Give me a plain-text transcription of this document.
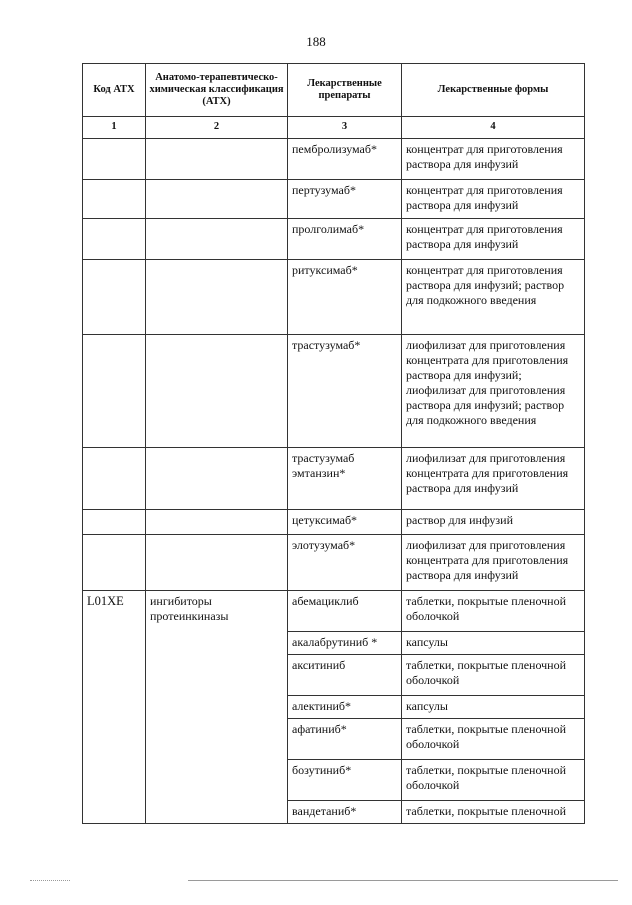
188
Код АТХ	Анатомо-терапевтическо-химическая классификация (АТХ)	Лекарственные препараты	Лекарственные формы
1	2	3	4
		пембролизумаб*	концентрат для приготовления раствора для инфузий
		пертузумаб*	концентрат для приготовления раствора для инфузий
		пролголимаб*	концентрат для приготовления раствора для инфузий
		ритуксимаб*	концентрат для приготовления раствора для инфузий; раствор для подкожного введения
		трастузумаб*	лиофилизат для приготовления концентрата для приготовления раствора для инфузий; лиофилизат для приготовления раствора для инфузий; раствор для подкожного введения
		трастузумаб эмтанзин*	лиофилизат для приготовления концентрата для приготовления раствора для инфузий
		цетуксимаб*	раствор для инфузий
		элотузумаб*	лиофилизат для приготовления концентрата для приготовления раствора для инфузий
L01XE	ингибиторы протеинкиназы	абемациклиб	таблетки, покрытые пленочной оболочкой
		акалабрутиниб *	капсулы
		акситиниб	таблетки, покрытые пленочной оболочкой
		алектиниб*	капсулы
		афатиниб*	таблетки, покрытые пленочной оболочкой
		бозутиниб*	таблетки, покрытые пленочной оболочкой
		вандетаниб*	таблетки, покрытые пленочной
